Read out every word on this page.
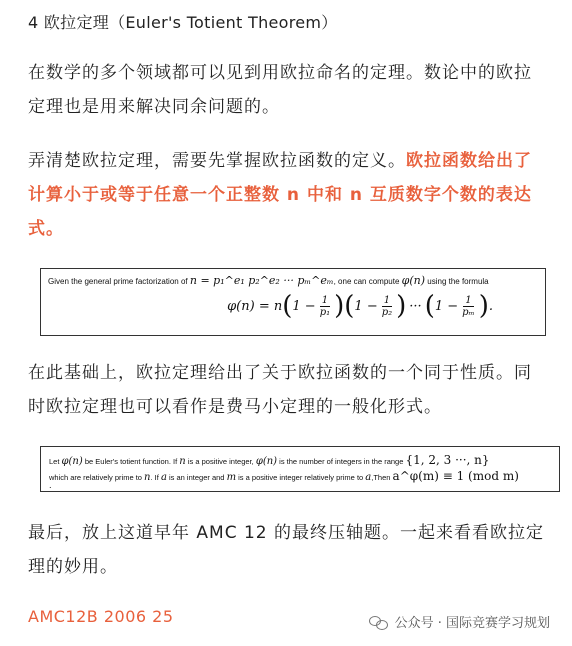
4 欧拉定理（Euler's Totient Theorem）

在数学的多个领域都可以见到用欧拉命名的定理。数论中的欧拉定理也是用来解决同余问题的。

弄清楚欧拉定理，需要先掌握欧拉函数的定义。欧拉函数给出了计算小于或等于任意一个正整数 n 中和 n 互质数字个数的表达式。

Given the general prime factorization of n = p₁^e₁ p₂^e₂ ··· pₘ^eₘ, one can compute φ(n) using the formula
φ(n) = n ( $1 - \frac{1}{\text{p₁}}$ ) ( $1 - \frac{1}{\text{p₂}}$ ) ··· ( $1 - \frac{1}{\text{pₘ}}$ ) .

在此基础上，欧拉定理给出了关于欧拉函数的一个同于性质。同时欧拉定理也可以看作是费马小定理的一般化形式。

Let φ(n) be Euler's totient function. If n is a positive integer, φ(n) is the number of integers in the range {1, 2, 3 ···, n}
which are relatively prime to n. If a is an integer and m is a positive integer relatively prime to a,Then a^φ(m) ≡ 1 (mod m)
.

最后，放上这道早年 AMC 12 的最终压轴题。一起来看看欧拉定理的妙用。

AMC12B 2006 25	公众号 · 国际竞赛学习规划
